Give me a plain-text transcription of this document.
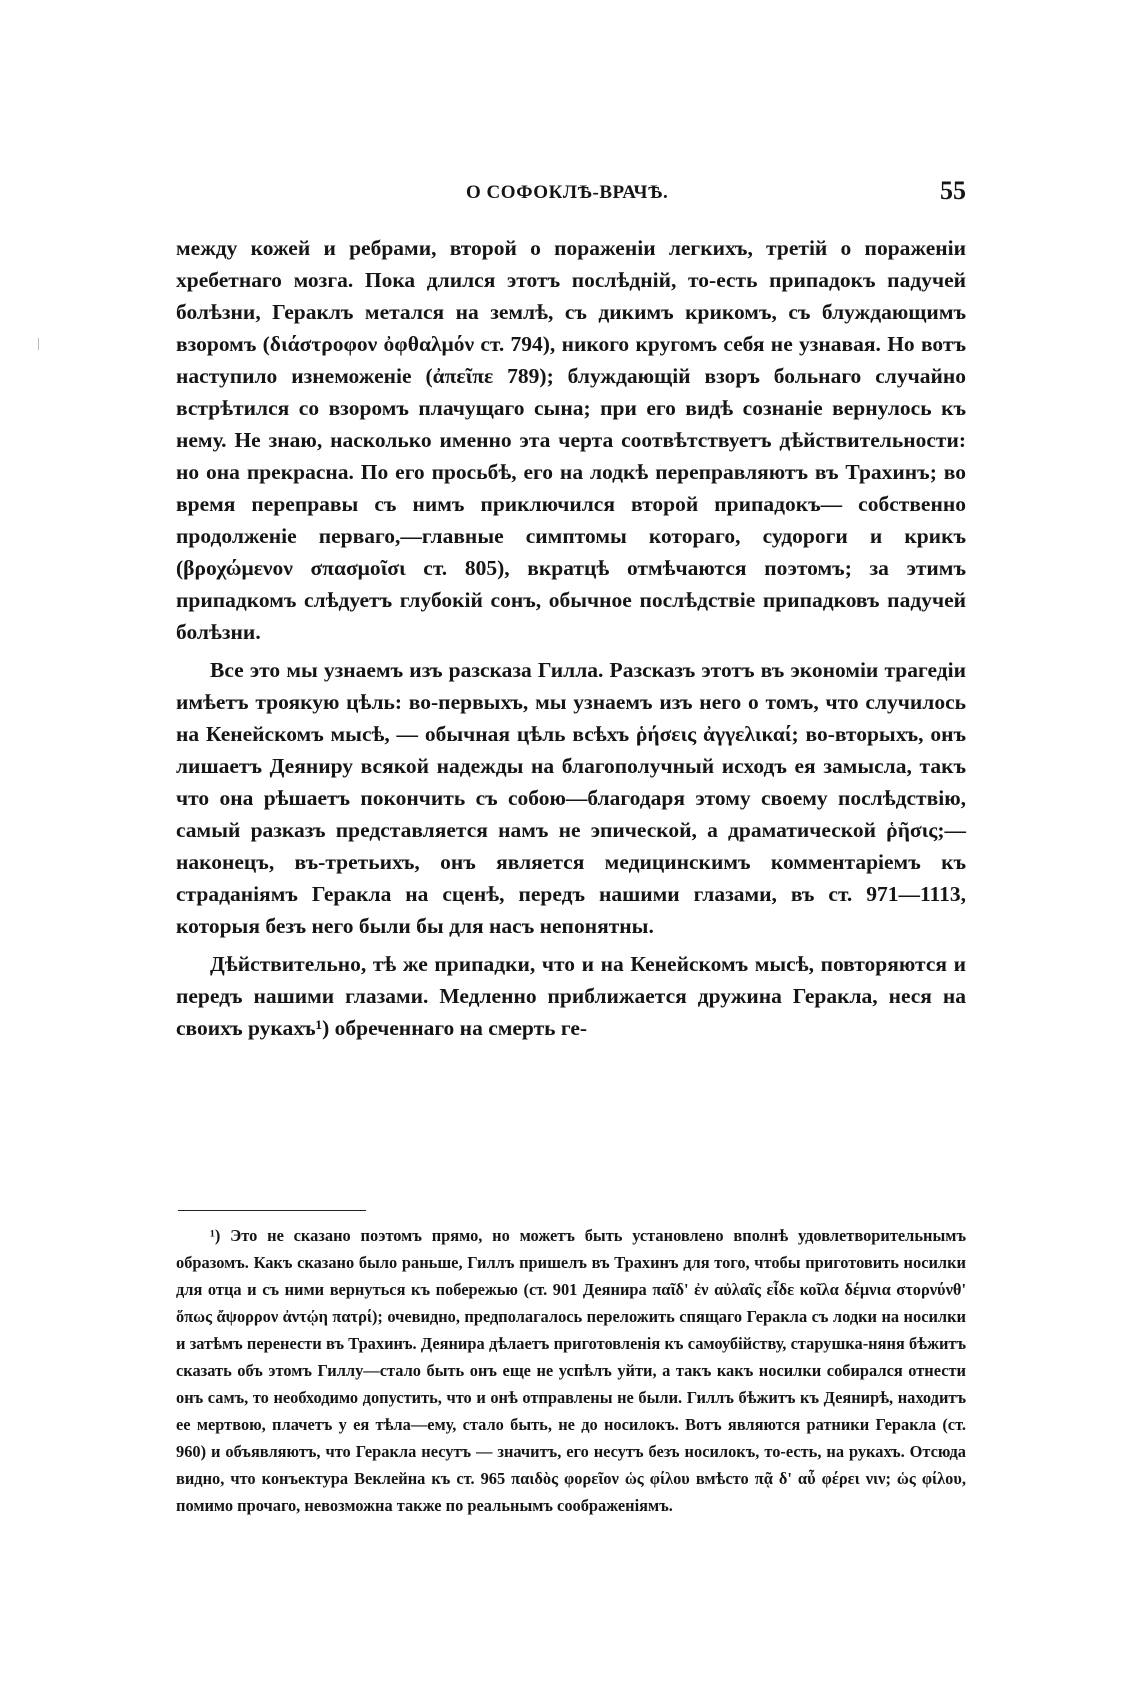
О СОФОКЛѢ-ВРАЧѢ.	55

между кожей и ребрами, второй о пораженіи легкихъ, третій о пораженіи хребетнаго мозга. Пока длился этотъ послѣдній, то-есть припадокъ падучей болѣзни, Гераклъ метался на землѣ, съ дикимъ крикомъ, съ блуждающимъ взоромъ (διάστροφον ὀφθαλμόν ст. 794), никого кругомъ себя не узнавая. Но вотъ наступило изнеможеніе (ἀπεῖπε 789); блуждающій взоръ больнаго случайно встрѣтился со взоромъ плачущаго сына; при его видѣ сознаніе вернулось къ нему. Не знаю, насколько именно эта черта соотвѣтствуетъ дѣйствительности: но она прекрасна. По его просьбѣ, его на лодкѣ переправляютъ въ Трахинъ; во время переправы съ нимъ приключился второй припадокъ— собственно продолженіе перваго,—главные симптомы котораго, судороги и крикъ (βροχώμενον σπασμοῖσι ст. 805), вкратцѣ отмѣчаются поэтомъ; за этимъ припадкомъ слѣдуетъ глубокій сонъ, обычное послѣдствіе припадковъ падучей болѣзни.

Все это мы узнаемъ изъ разсказа Гилла. Разсказъ этотъ въ экономіи трагедіи имѣетъ троякую цѣль: во-первыхъ, мы узнаемъ изъ него о томъ, что случилось на Кенейскомъ мысѣ, — обычная цѣль всѣхъ ῥήσεις ἀγγελικαί; во-вторыхъ, онъ лишаетъ Деяниру всякой надежды на благополучный исходъ ея замысла, такъ что она рѣшаетъ покончить съ собою—благодаря этому своему послѣдствію, самый разказъ представляется намъ не эпической, а драматической ῥῆσις;—наконецъ, въ-третьихъ, онъ является медицинскимъ комментаріемъ къ страданіямъ Геракла на сценѣ, передъ нашими глазами, въ ст. 971—1113, которыя безъ него были бы для насъ непонятны.

Дѣйствительно, тѣ же припадки, что и на Кенейскомъ мысѣ, повторяются и передъ нашими глазами. Медленно приближается дружина Геракла, неся на своихъ рукахъ¹) обреченнаго на смерть ге-

¹) Это не сказано поэтомъ прямо, но можетъ быть установлено вполнѣ удовлетворительнымъ образомъ. Какъ сказано было раньше, Гиллъ пришелъ въ Трахинъ для того, чтобы приготовить носилки для отца и съ ними вернуться къ побережью (ст. 901 Деянира παῖδ' ἐν αὐλαῖς εἶδε κοῖλα δέμνια στορνύνθ' ὅπως ἄψορρον ἀντῴη πατρί); очевидно, предполагалось переложить спящаго Геракла съ лодки на носилки и затѣмъ перенести въ Трахинъ. Деянира дѣлаетъ приготовленія къ самоубійству, старушка-няня бѣжитъ сказать объ этомъ Гиллу—стало быть онъ еще не успѣлъ уйти, а такъ какъ носилки собирался отнести онъ самъ, то необходимо допустить, что и онѣ отправлены не были. Гиллъ бѣжитъ къ Деянирѣ, находитъ ее мертвою, плачетъ у ея тѣла—ему, стало быть, не до носилокъ. Вотъ являются ратники Геракла (ст. 960) и объявляютъ, что Геракла несутъ — значитъ, его несутъ безъ носилокъ, то-есть, на рукахъ. Отсюда видно, что конъектура Веклейна къ ст. 965 παιδὸς φορεῖον ὡς φίλου вмѣсто πᾷ δ' αὖ φέρει νιν; ὡς φίλου, помимо прочаго, невозможна также по реальнымъ соображеніямъ.
